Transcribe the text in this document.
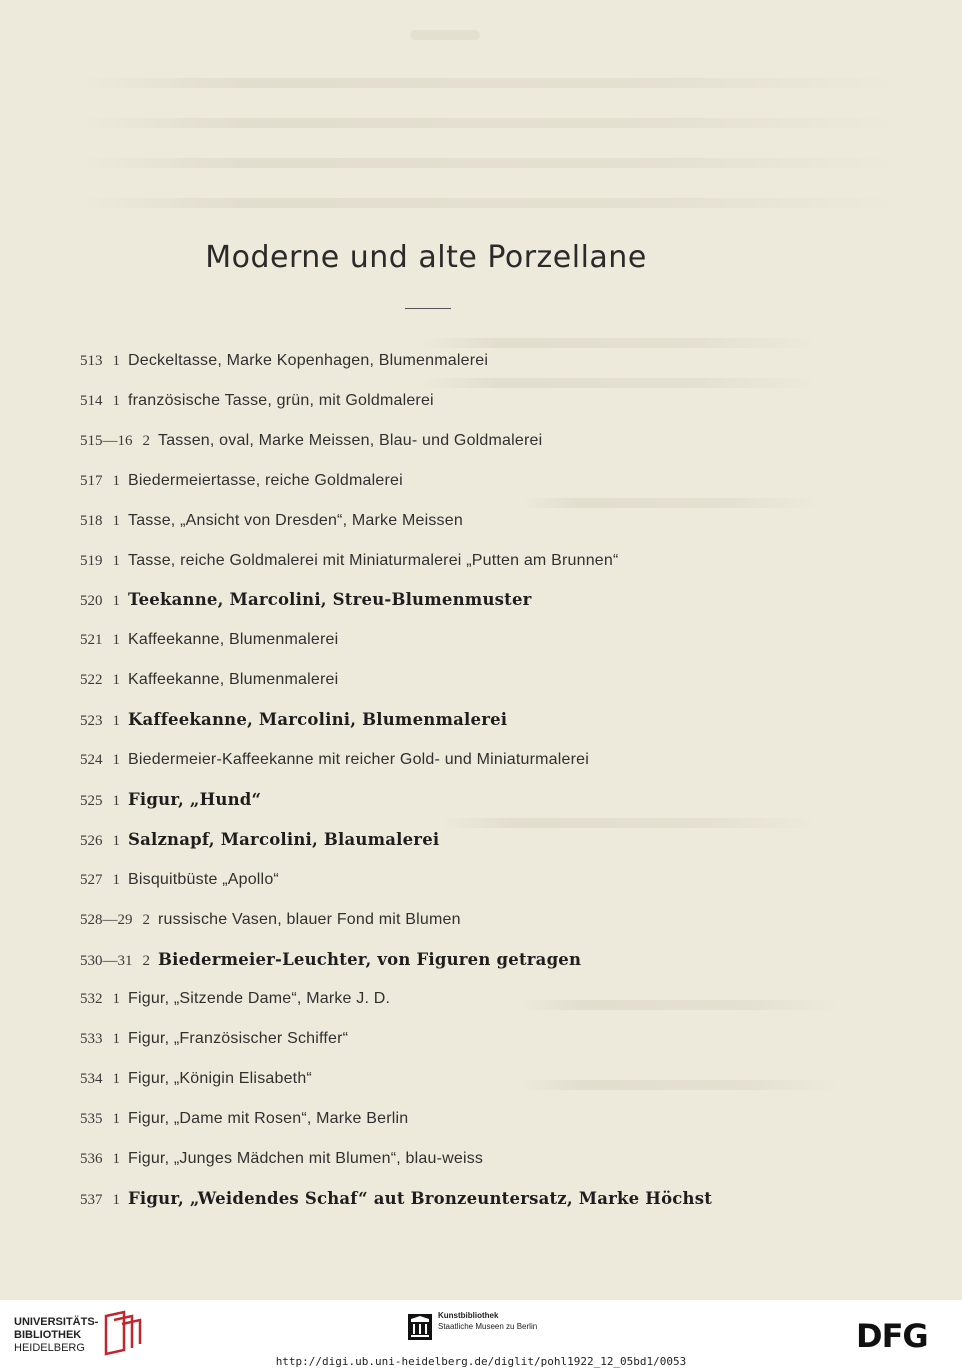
Moderne und alte Porzellane
513 1 Deckeltasse, Marke Kopenhagen, Blumenmalerei
514 1 französische Tasse, grün, mit Goldmalerei
515—16 2 Tassen, oval, Marke Meissen, Blau- und Goldmalerei
517 1 Biedermeiertasse, reiche Goldmalerei
518 1 Tasse, „Ansicht von Dresden“, Marke Meissen
519 1 Tasse, reiche Goldmalerei mit Miniaturmalerei „Putten am Brunnen“
520 1 Teekanne, Marcolini, Streu-Blumenmuster
521 1 Kaffeekanne, Blumenmalerei
522 1 Kaffeekanne, Blumenmalerei
523 1 Kaffeekanne, Marcolini, Blumenmalerei
524 1 Biedermeier-Kaffeekanne mit reicher Gold- und Miniaturmalerei
525 1 Figur, „Hund“
526 1 Salznapf, Marcolini, Blaumalerei
527 1 Bisquitbüste „Apollo“
528—29 2 russische Vasen, blauer Fond mit Blumen
530—31 2 Biedermeier-Leuchter, von Figuren getragen
532 1 Figur, „Sitzende Dame“, Marke J. D.
533 1 Figur, „Französischer Schiffer“
534 1 Figur, „Königin Elisabeth“
535 1 Figur, „Dame mit Rosen“, Marke Berlin
536 1 Figur, „Junges Mädchen mit Blumen“, blau-weiss
537 1 Figur, „Weidendes Schaf“ aut Bronzeuntersatz, Marke Höchst
UNIVERSITÄTS-
BIBLIOTHEK
HEIDELBERG
Kunstbibliothek
Staatliche Museen zu Berlin	DFG
http://digi.ub.uni-heidelberg.de/diglit/pohl1922_12_05bd1/0053
